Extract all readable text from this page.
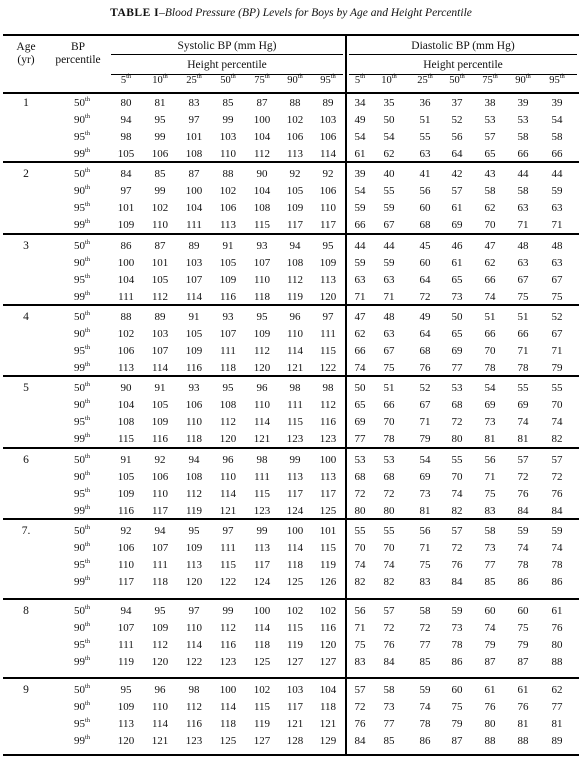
TABLE I–Blood Pressure (BP) Levels for Boys by Age and Height Percentile
Age
(yr)
BP
percentile
Systolic BP (mm Hg)	Diastolic BP (mm Hg)
Height percentile	Height percentile
5th	10th	25th	50th	75th	90th	95th	5th	10th	25th	50th	75th	90th	95th
1	50th	80	81	83	85	87	88	89	34	35	36	37	38	39	39
90th	94	95	97	99	100	102	103	49	50	51	52	53	53	54
95th	98	99	101	103	104	106	106	54	54	55	56	57	58	58
99th	105	106	108	110	112	113	114	61	62	63	64	65	66	66
2	50th	84	85	87	88	90	92	92	39	40	41	42	43	44	44
90th	97	99	100	102	104	105	106	54	55	56	57	58	58	59
95th	101	102	104	106	108	109	110	59	59	60	61	62	63	63
99th	109	110	111	113	115	117	117	66	67	68	69	70	71	71
3	50th	86	87	89	91	93	94	95	44	44	45	46	47	48	48
90th	100	101	103	105	107	108	109	59	59	60	61	62	63	63
95th	104	105	107	109	110	112	113	63	63	64	65	66	67	67
99th	111	112	114	116	118	119	120	71	71	72	73	74	75	75
4	50th	88	89	91	93	95	96	97	47	48	49	50	51	51	52
90th	102	103	105	107	109	110	111	62	63	64	65	66	66	67
95th	106	107	109	111	112	114	115	66	67	68	69	70	71	71
99th	113	114	116	118	120	121	122	74	75	76	77	78	78	79
5	50th	90	91	93	95	96	98	98	50	51	52	53	54	55	55
90th	104	105	106	108	110	111	112	65	66	67	68	69	69	70
95th	108	109	110	112	114	115	116	69	70	71	72	73	74	74
99th	115	116	118	120	121	123	123	77	78	79	80	81	81	82
6	50th	91	92	94	96	98	99	100	53	53	54	55	56	57	57
90th	105	106	108	110	111	113	113	68	68	69	70	71	72	72
95th	109	110	112	114	115	117	117	72	72	73	74	75	76	76
99th	116	117	119	121	123	124	125	80	80	81	82	83	84	84
7.	50th	92	94	95	97	99	100	101	55	55	56	57	58	59	59
90th	106	107	109	111	113	114	115	70	70	71	72	73	74	74
95th	110	111	113	115	117	118	119	74	74	75	76	77	78	78
99th	117	118	120	122	124	125	126	82	82	83	84	85	86	86
8	50th	94	95	97	99	100	102	102	56	57	58	59	60	60	61
90th	107	109	110	112	114	115	116	71	72	72	73	74	75	76
95th	111	112	114	116	118	119	120	75	76	77	78	79	79	80
99th	119	120	122	123	125	127	127	83	84	85	86	87	87	88
9	50th	95	96	98	100	102	103	104	57	58	59	60	61	61	62
90th	109	110	112	114	115	117	118	72	73	74	75	76	76	77
95th	113	114	116	118	119	121	121	76	77	78	79	80	81	81
99th	120	121	123	125	127	128	129	84	85	86	87	88	88	89
